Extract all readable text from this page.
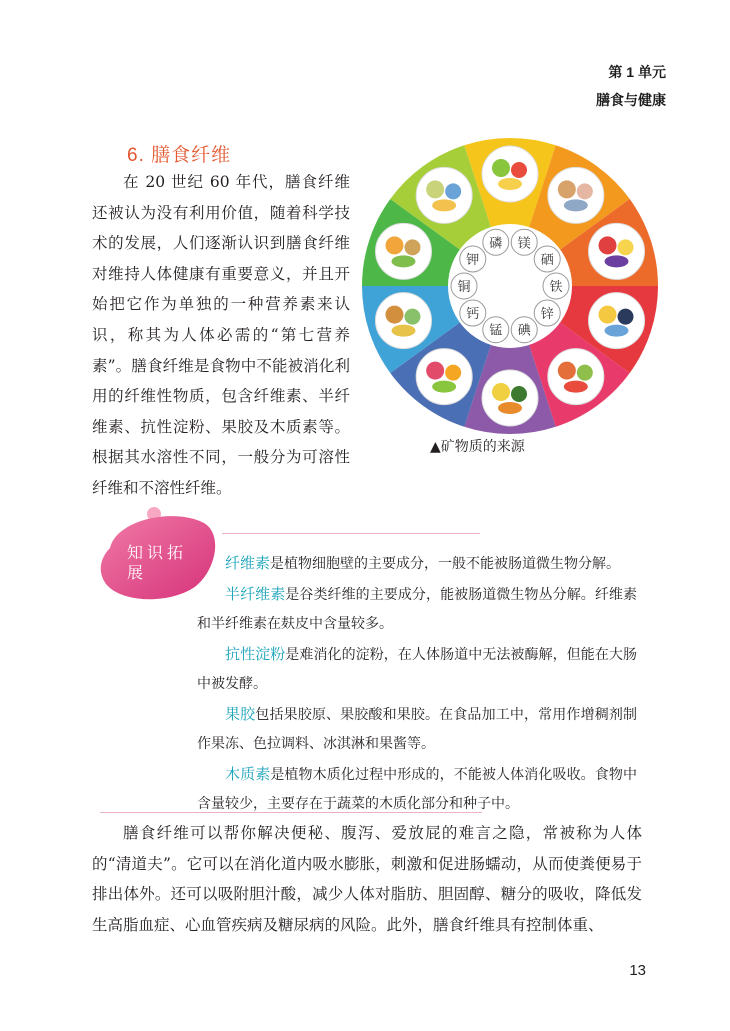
第 1 单元
膳食与健康
6. 膳食纤维

在 20 世纪 60 年代，膳食纤维还被认为没有利用价值，随着科学技术的发展，人们逐渐认识到膳食纤维对维持人体健康有重要意义，并且开始把它作为单独的一种营养素来认识，称其为人体必需的“第七营养素”。膳食纤维是食物中不能被消化利用的纤维性物质，包含纤维素、半纤维素、抗性淀粉、果胶及木质素等。根据其水溶性不同，一般分为可溶性纤维和不溶性纤维。

镁
硒
铁
锌
碘
锰
钙
铜
钾
磷
▲矿物质的来源
知识拓展

纤维素是植物细胞壁的主要成分，一般不能被肠道微生物分解。

半纤维素是谷类纤维的主要成分，能被肠道微生物丛分解。纤维素和半纤维素在麸皮中含量较多。

抗性淀粉是难消化的淀粉，在人体肠道中无法被酶解，但能在大肠中被发酵。

果胶包括果胶原、果胶酸和果胶。在食品加工中，常用作增稠剂制作果冻、色拉调料、冰淇淋和果酱等。

木质素是植物木质化过程中形成的，不能被人体消化吸收。食物中含量较少，主要存在于蔬菜的木质化部分和种子中。

膳食纤维可以帮你解决便秘、腹泻、爱放屁的难言之隐，常被称为人体的“清道夫”。它可以在消化道内吸水膨胀，刺激和促进肠蠕动，从而使粪便易于排出体外。还可以吸附胆汁酸，减少人体对脂肪、胆固醇、糖分的吸收，降低发生高脂血症、心血管疾病及糖尿病的风险。此外，膳食纤维具有控制体重、

13
